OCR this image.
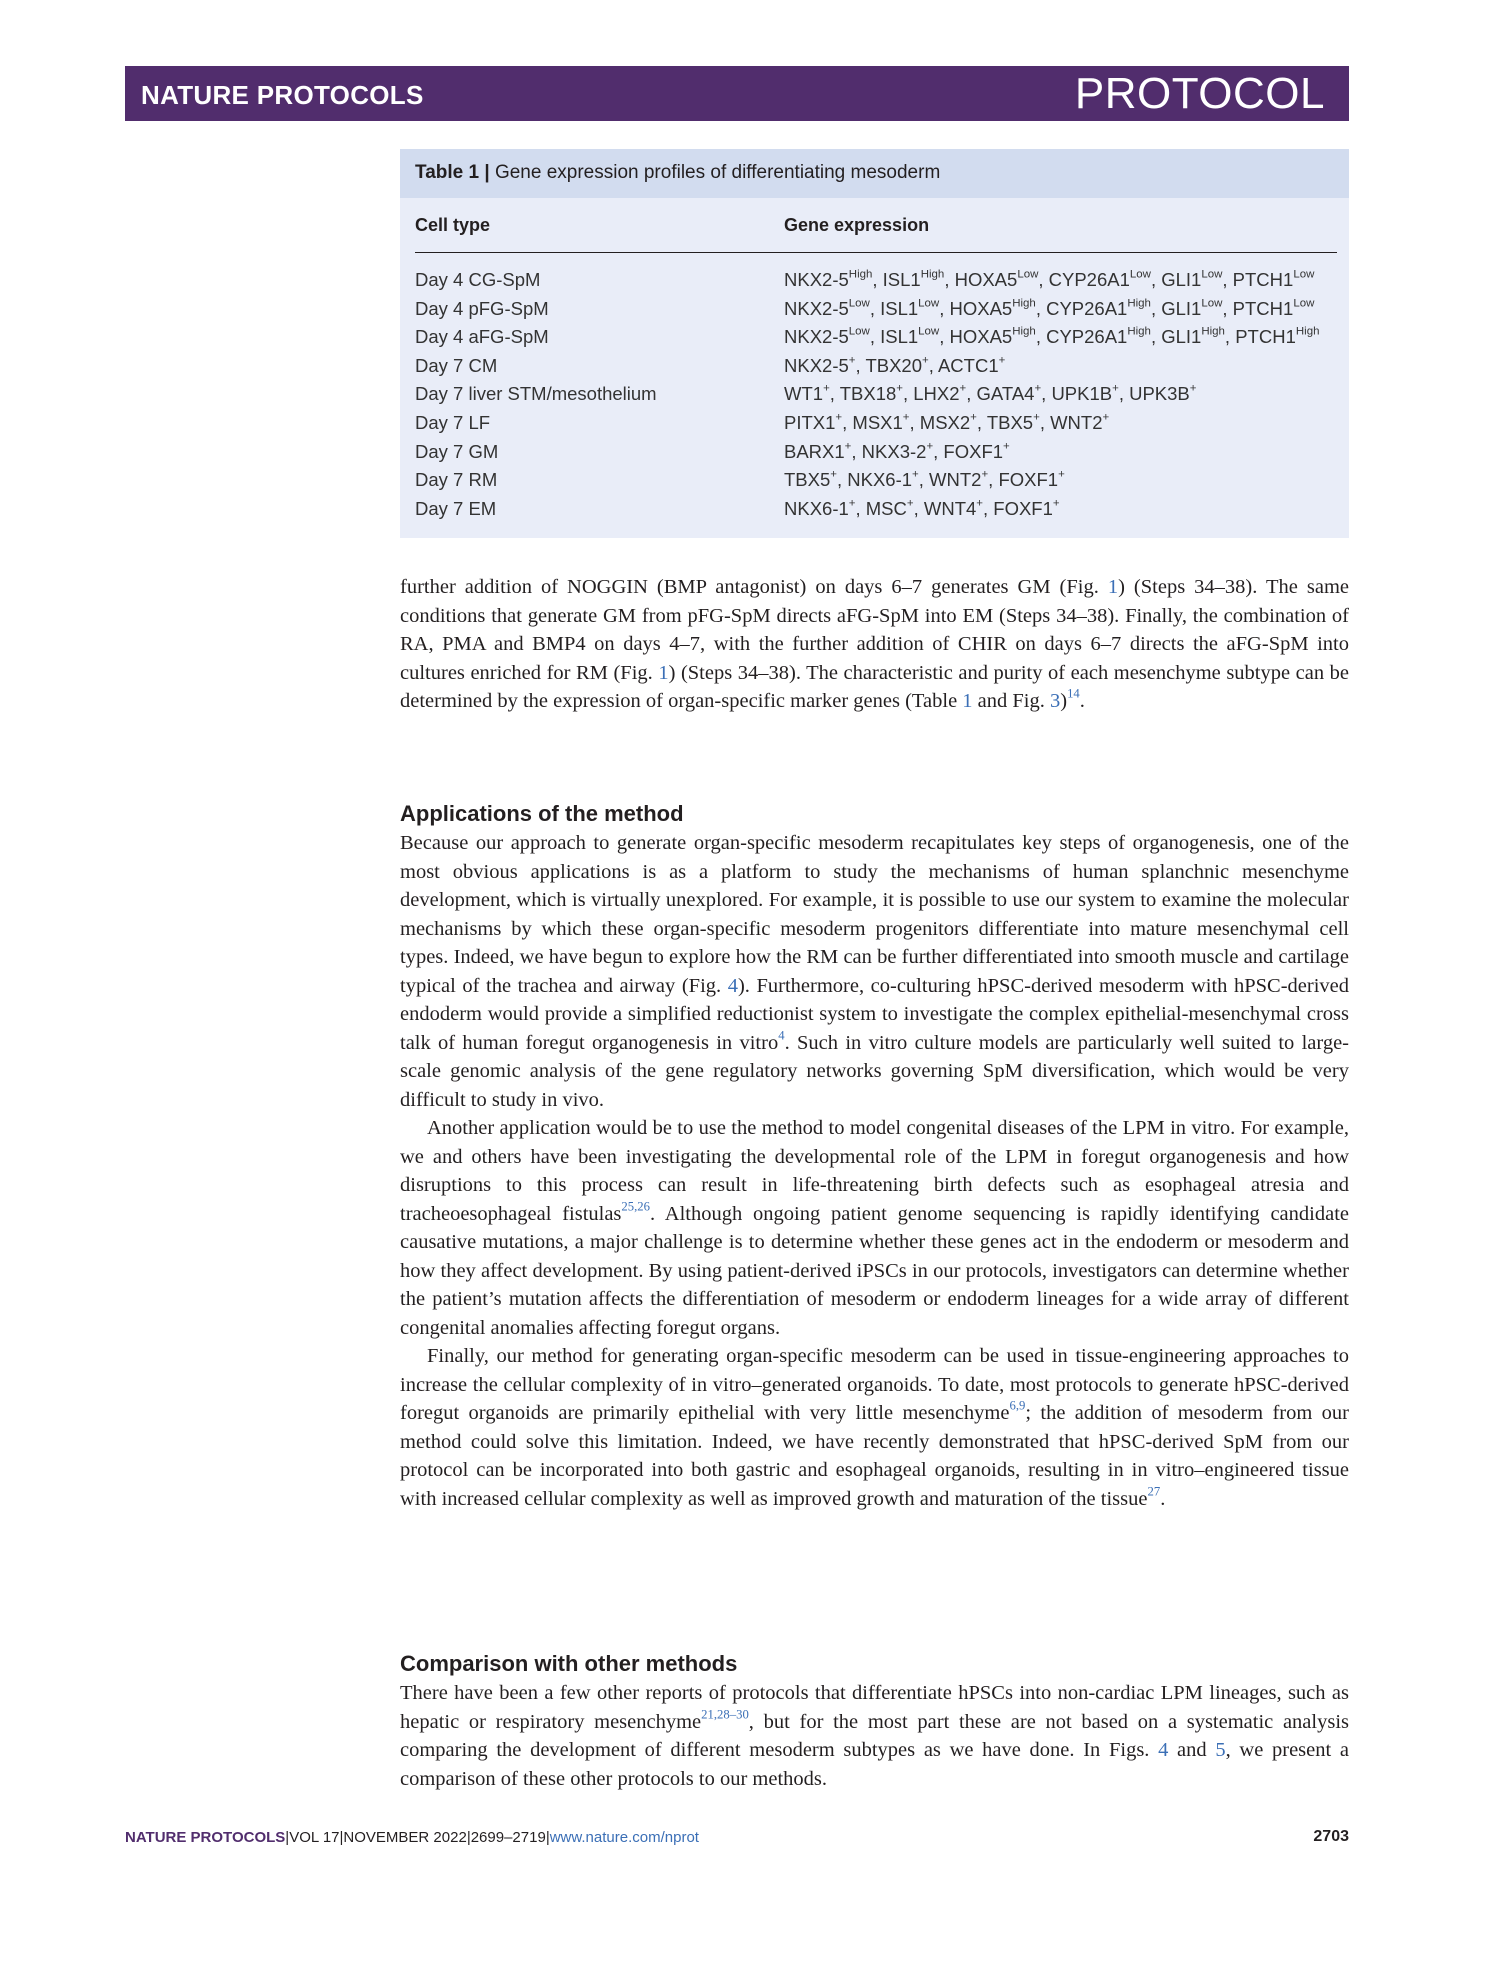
NATURE PROTOCOLS	PROTOCOL
Table 1 | Gene expression profiles of differentiating mesoderm
Cell type	Gene expression
Day 4 CG-SpM	$NKX2-5^{High}$, $ISL1^{High}$, $HOXA5^{Low}$, $CYP26A1^{Low}$, $GLI1^{Low}$, $PTCH1^{Low}$
Day 4 pFG-SpM	$NKX2-5^{Low}$, $ISL1^{Low}$, $HOXA5^{High}$, $CYP26A1^{High}$, $GLI1^{Low}$, $PTCH1^{Low}$
Day 4 aFG-SpM	$NKX2-5^{Low}$, $ISL1^{Low}$, $HOXA5^{High}$, $CYP26A1^{High}$, $GLI1^{High}$, $PTCH1^{High}$
Day 7 CM	NKX2-5+, TBX20+, ACTC1+
Day 7 liver STM/mesothelium	WT1+, TBX18+, LHX2+, GATA4+, UPK1B+, UPK3B+
Day 7 LF	PITX1+, MSX1+, MSX2+, TBX5+, WNT2+
Day 7 GM	BARX1+, NKX3-2+, FOXF1+
Day 7 RM	TBX5+, NKX6-1+, WNT2+, FOXF1+
Day 7 EM	NKX6-1+, MSC+, WNT4+, FOXF1+

further addition of NOGGIN (BMP antagonist) on days 6–7 generates GM (Fig. 1) (Steps 34–38). The same conditions that generate GM from pFG-SpM directs aFG-SpM into EM (Steps 34–38). Finally, the combination of RA, PMA and BMP4 on days 4–7, with the further addition of CHIR on days 6–7 directs the aFG-SpM into cultures enriched for RM (Fig. 1) (Steps 34–38). The characteristic and purity of each mesenchyme subtype can be determined by the expression of organ-specific marker genes (Table 1 and Fig. 3)$^{14}$.

Applications of the method

Because our approach to generate organ-specific mesoderm recapitulates key steps of organogenesis, one of the most obvious applications is as a platform to study the mechanisms of human splanchnic mesenchyme development, which is virtually unexplored. For example, it is possible to use our system to examine the molecular mechanisms by which these organ-specific mesoderm progenitors differentiate into mature mesenchymal cell types. Indeed, we have begun to explore how the RM can be further differentiated into smooth muscle and cartilage typical of the trachea and airway (Fig. 4). Furthermore, co-culturing hPSC-derived mesoderm with hPSC-derived endoderm would provide a simplified reductionist system to investigate the complex epithelial-mesenchymal cross talk of human foregut organogenesis in vitro$^4$. Such in vitro culture models are particularly well suited to large-scale genomic analysis of the gene regulatory networks governing SpM diversification, which would be very difficult to study in vivo.
Another application would be to use the method to model congenital diseases of the LPM in vitro. For example, we and others have been investigating the developmental role of the LPM in foregut organogenesis and how disruptions to this process can result in life-threatening birth defects such as esophageal atresia and tracheoesophageal fistulas$^{25,26}$. Although ongoing patient genome sequencing is rapidly identifying candidate causative mutations, a major challenge is to determine whether these genes act in the endoderm or mesoderm and how they affect development. By using patient-derived iPSCs in our protocols, investigators can determine whether the patient’s mutation affects the differentiation of mesoderm or endoderm lineages for a wide array of different congenital anomalies affecting foregut organs.
Finally, our method for generating organ-specific mesoderm can be used in tissue-engineering approaches to increase the cellular complexity of in vitro–generated organoids. To date, most protocols to generate hPSC-derived foregut organoids are primarily epithelial with very little mesenchyme$^{6,9}$; the addition of mesoderm from our method could solve this limitation. Indeed, we have recently demonstrated that hPSC-derived SpM from our protocol can be incorporated into both gastric and esophageal organoids, resulting in in vitro–engineered tissue with increased cellular complexity as well as improved growth and maturation of the tissue$^{27}$.

Comparison with other methods

There have been a few other reports of protocols that differentiate hPSCs into non-cardiac LPM lineages, such as hepatic or respiratory mesenchyme$^{21,28-30}$, but for the most part these are not based on a systematic analysis comparing the development of different mesoderm subtypes as we have done. In Figs. 4 and 5, we present a comparison of these other protocols to our methods.

NATURE PROTOCOLS|VOL 17|NOVEMBER 2022|2699–2719|www.nature.com/nprot	2703
